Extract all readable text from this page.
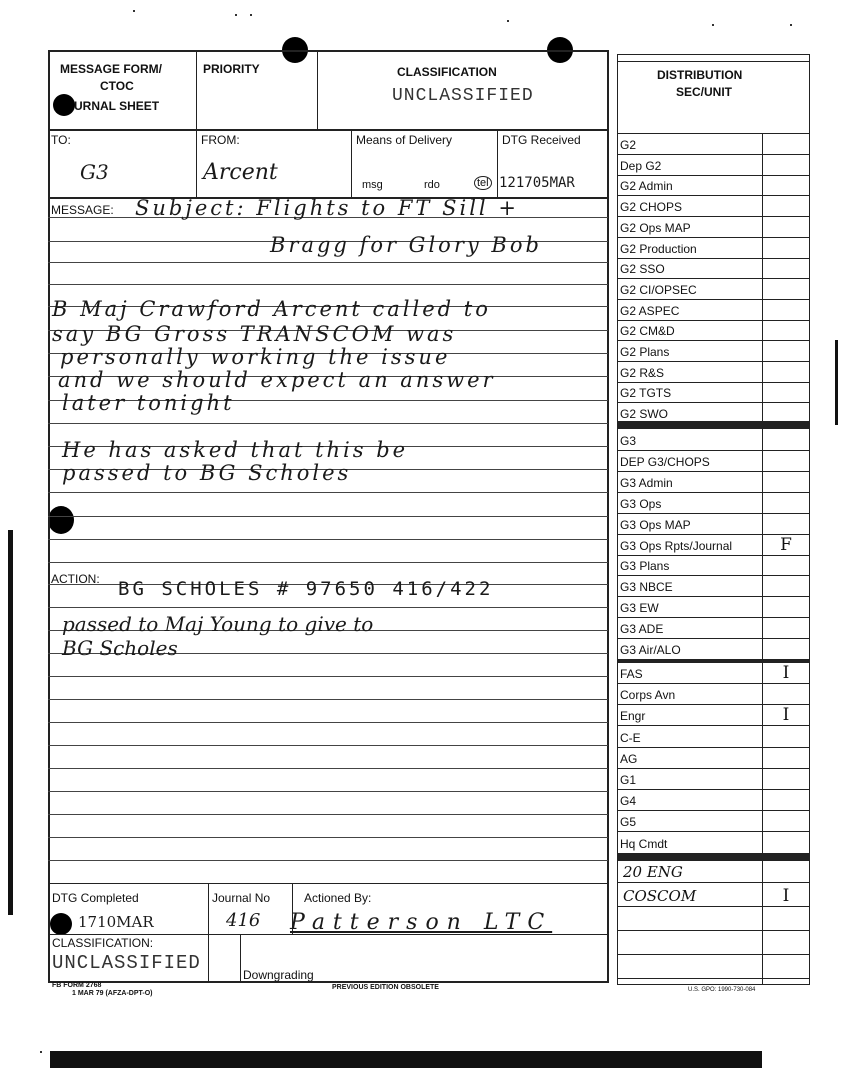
MESSAGE FORM/
CTOC
URNAL SHEET
PRIORITY	CLASSIFICATION
UNCLASSIFIED
TO:
G3
FROM:
Arcent
Means of Delivery
msg	rdo	tel
DTG Received
121705MAR
MESSAGE: Subject: Flights to FT Sill +
Bragg for Glory Bob
B Maj Crawford Arcent called to
say BG Gross TRANSCOM was
personally working the issue
and we should expect an answer
later tonight
He has asked that this be
passed to BG Scholes
ACTION: BG SCHOLES # 97650 416/422
passed to Maj Young to give to
BG Scholes
DTG Completed
1710MAR
Journal No
416
Actioned By:
Patterson LTC
CLASSIFICATION:
UNCLASSIFIED
Downgrading
FB FORM 2768
1 MAR 79 (AFZA-DPT-O)
PREVIOUS EDITION OBSOLETE
DISTRIBUTION
SEC/UNIT
G2
Dep G2
G2 Admin
G2 CHOPS
G2 Ops MAP
G2 Production
G2 SSO
G2 CI/OPSEC
G2 ASPEC
G2 CM&D
G2 Plans
G2 R&S
G2 TGTS
G2 SWO
G3
DEP G3/CHOPS
G3 Admin
G3 Ops
G3 Ops MAP
G3 Ops Rpts/Journal	F
G3 Plans
G3 NBCE
G3 EW
G3 ADE
G3 Air/ALO
FAS	I
Corps Avn
Engr	I
C-E
AG
G1
G4
G5
Hq Cmdt
20 ENG
COSCOM	I
U.S. GPO: 1990-730-084
